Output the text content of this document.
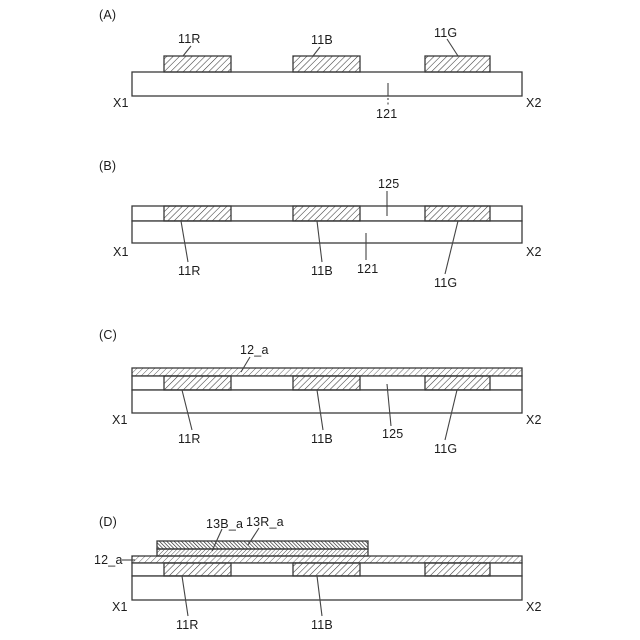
(A)
11R	11B	11G
X1	X2
121
(B)
125
X1	X2
11R	11B 121
11G
(C)
12_a
X1	X2
11R	11B	125
11G
(D)	13B_a 13R_a
12_a
X1	X2
11R	11B
